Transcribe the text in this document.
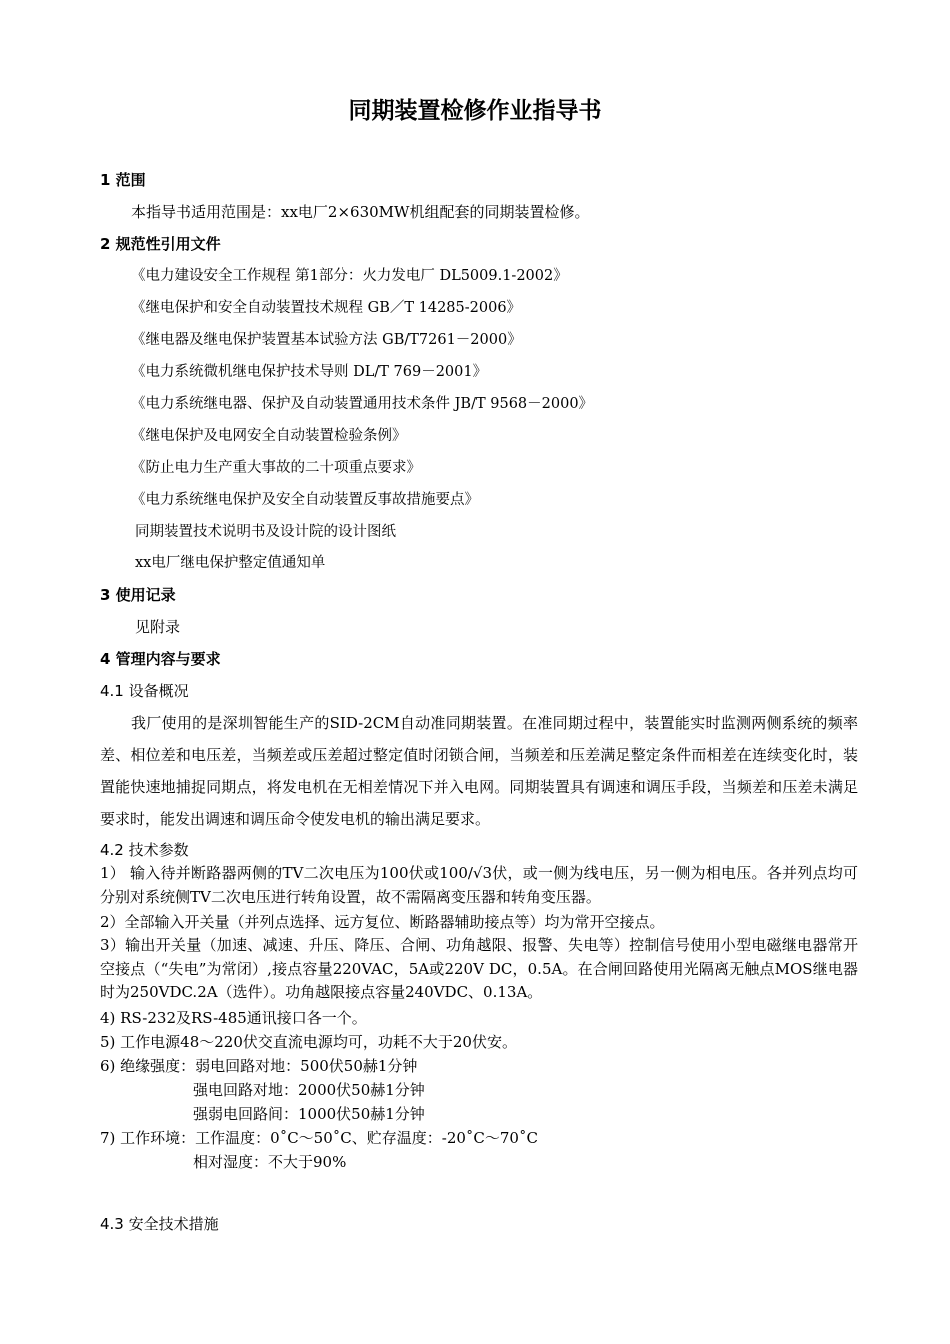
同期装置检修作业指导书
1 范围
本指导书适用范围是：xx电厂2×630MW机组配套的同期装置检修。
2 规范性引用文件
《电力建设安全工作规程 第1部分：火力发电厂 DL5009.1-2002》
《继电保护和安全自动装置技术规程 GB／T 14285-2006》
《继电器及继电保护装置基本试验方法 GB/T7261－2000》
《电力系统微机继电保护技术导则 DL/T 769－2001》
《电力系统继电器、保护及自动装置通用技术条件 JB/T 9568－2000》
《继电保护及电网安全自动装置检验条例》
《防止电力生产重大事故的二十项重点要求》
《电力系统继电保护及安全自动装置反事故措施要点》
同期装置技术说明书及设计院的设计图纸
xx电厂继电保护整定值通知单
3 使用记录
见附录
4 管理内容与要求
4.1 设备概况
我厂使用的是深圳智能生产的SID-2CM自动准同期装置。在准同期过程中，装置能实时监测两侧系统的频率差、相位差和电压差，当频差或压差超过整定值时闭锁合闸，当频差和压差满足整定条件而相差在连续变化时，装置能快速地捕捉同期点，将发电机在无相差情况下并入电网。同期装置具有调速和调压手段，当频差和压差未满足要求时，能发出调速和调压命令使发电机的输出满足要求。
4.2 技术参数
1） 输入待并断路器两侧的TV二次电压为100伏或100/√3伏，或一侧为线电压，另一侧为相电压。各并列点均可分别对系统侧TV二次电压进行转角设置，故不需隔离变压器和转角变压器。
2）全部输入开关量（并列点选择、远方复位、断路器辅助接点等）均为常开空接点。
3）输出开关量（加速、减速、升压、降压、合闸、功角越限、报警、失电等）控制信号使用小型电磁继电器常开空接点（“失电”为常闭）,接点容量220VAC，5A或220V DC，0.5A。在合闸回路使用光隔离无触点MOS继电器时为250VDC.2A（选件）。功角越限接点容量240VDC、0.13A。
4) RS-232及RS-485通讯接口各一个。
5) 工作电源48～220伏交直流电源均可，功耗不大于20伏安。
6) 绝缘强度：弱电回路对地：500伏50赫1分钟
强电回路对地：2000伏50赫1分钟
强弱电回路间：1000伏50赫1分钟
7) 工作环境：工作温度：0˚C～50˚C、贮存温度：-20˚C～70˚C
相对湿度：不大于90%
4.3 安全技术措施
